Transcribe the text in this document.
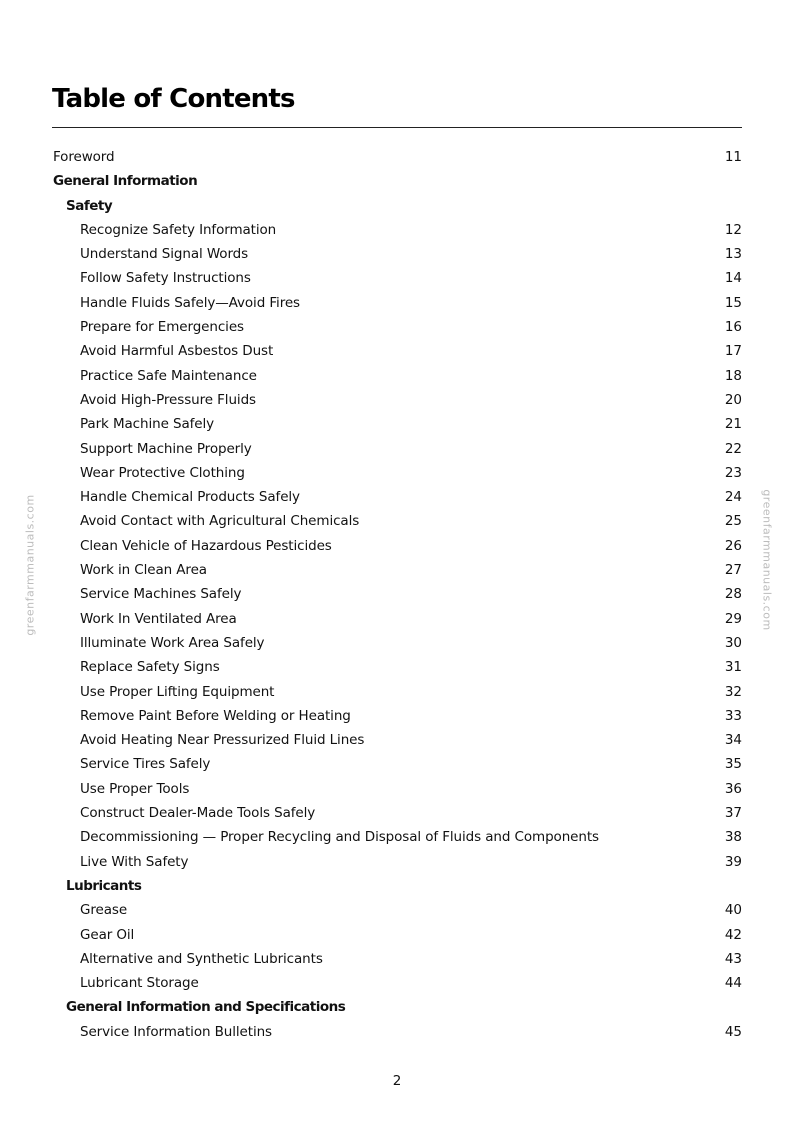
Table of Contents
Foreword	11
General Information
Safety
Recognize Safety Information	12
Understand Signal Words	13
Follow Safety Instructions	14
Handle Fluids Safely—Avoid Fires	15
Prepare for Emergencies	16
Avoid Harmful Asbestos Dust	17
Practice Safe Maintenance	18
Avoid High-Pressure Fluids	20
Park Machine Safely	21
Support Machine Properly	22
Wear Protective Clothing	23
Handle Chemical Products Safely	24
Avoid Contact with Agricultural Chemicals	25
Clean Vehicle of Hazardous Pesticides	26
Work in Clean Area	27
Service Machines Safely	28
Work In Ventilated Area	29
Illuminate Work Area Safely	30
Replace Safety Signs	31
Use Proper Lifting Equipment	32
Remove Paint Before Welding or Heating	33
Avoid Heating Near Pressurized Fluid Lines	34
Service Tires Safely	35
Use Proper Tools	36
Construct Dealer-Made Tools Safely	37
Decommissioning — Proper Recycling and Disposal of Fluids and Components	38
Live With Safety	39
Lubricants
Grease	40
Gear Oil	42
Alternative and Synthetic Lubricants	43
Lubricant Storage	44
General Information and Specifications
Service Information Bulletins	45
2
greenfarmmanuals.com	greenfarmmanuals.com
